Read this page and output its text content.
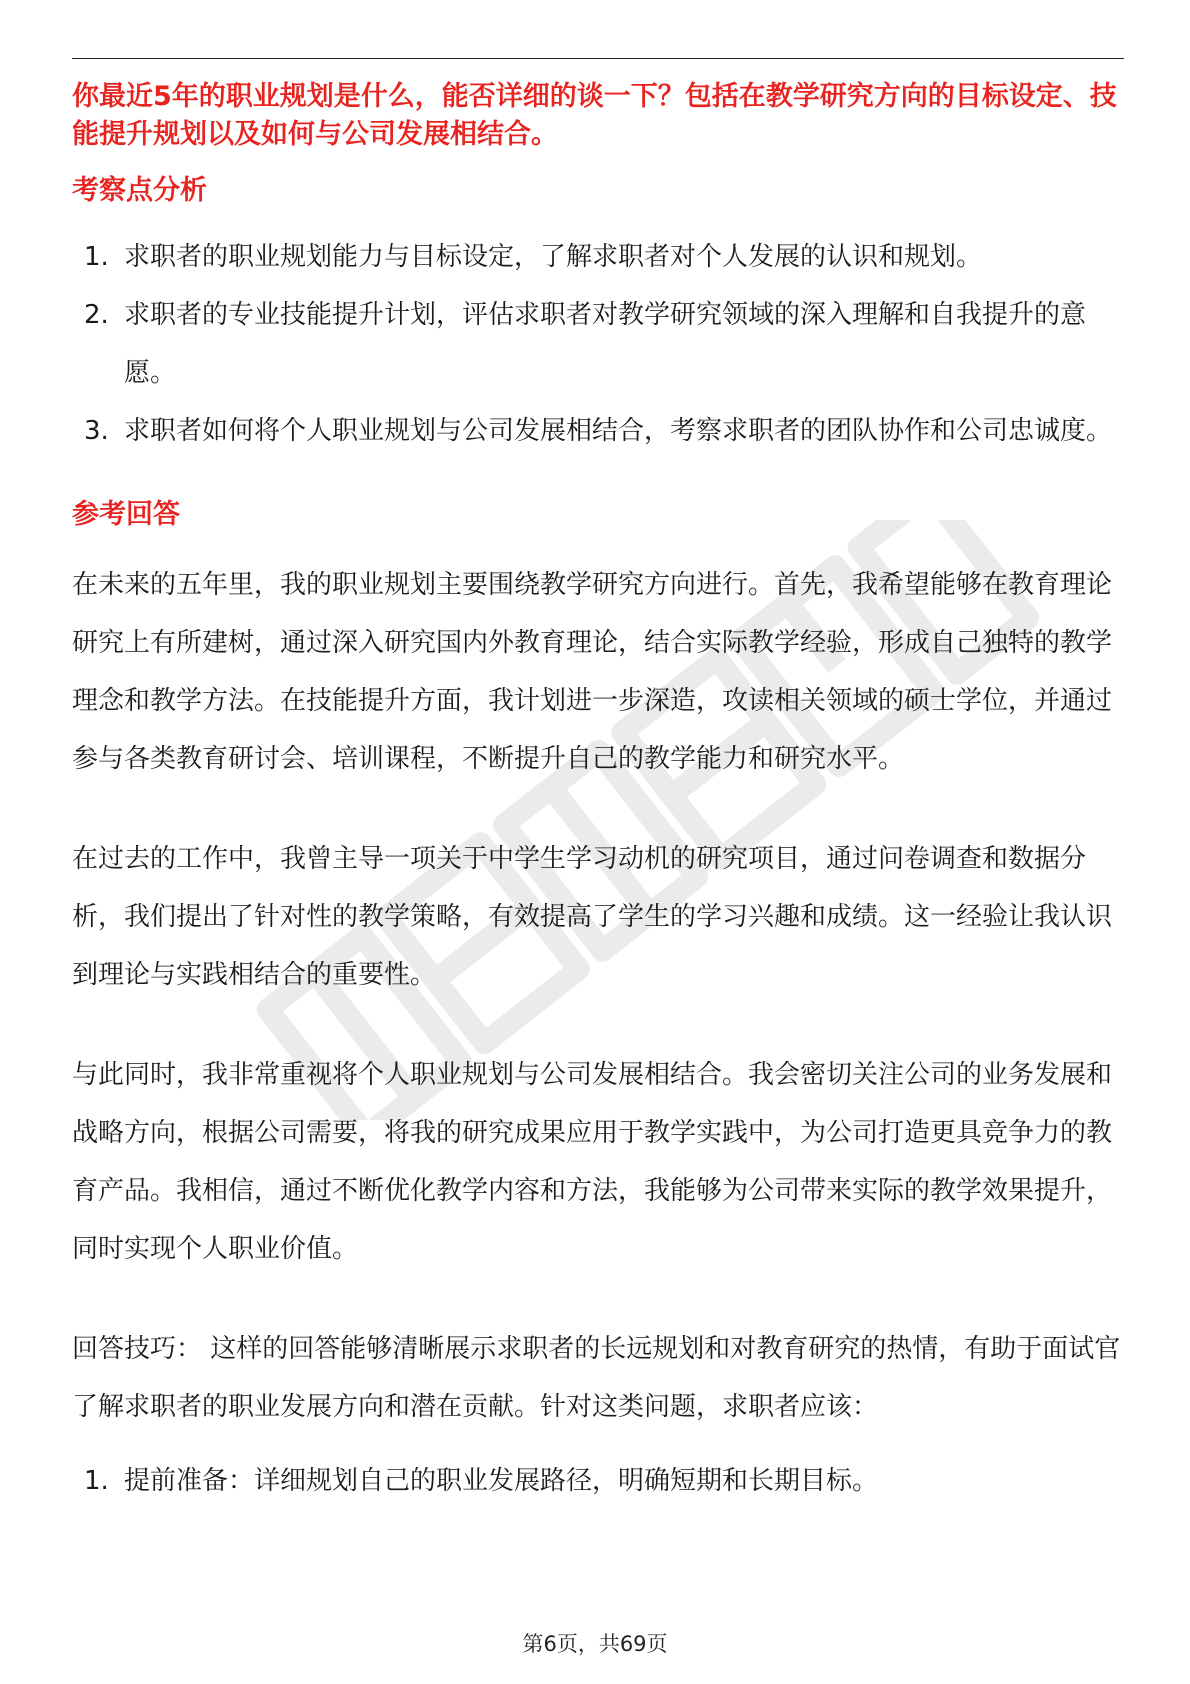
你最近5年的职业规划是什么，能否详细的谈一下？包括在教学研究方向的目标设定、技能提升规划以及如何与公司发展相结合。

考察点分析

1. 求职者的职业规划能力与目标设定，了解求职者对个人发展的认识和规划。
2. 求职者的专业技能提升计划，评估求职者对教学研究领域的深入理解和自我提升的意愿。
3. 求职者如何将个人职业规划与公司发展相结合，考察求职者的团队协作和公司忠诚度。

参考回答

在未来的五年里，我的职业规划主要围绕教学研究方向进行。首先，我希望能够在教育理论研究上有所建树，通过深入研究国内外教育理论，结合实际教学经验，形成自己独特的教学理念和教学方法。在技能提升方面，我计划进一步深造，攻读相关领域的硕士学位，并通过参与各类教育研讨会、培训课程，不断提升自己的教学能力和研究水平。

在过去的工作中，我曾主导一项关于中学生学习动机的研究项目，通过问卷调查和数据分析，我们提出了针对性的教学策略，有效提高了学生的学习兴趣和成绩。这一经验让我认识到理论与实践相结合的重要性。

与此同时，我非常重视将个人职业规划与公司发展相结合。我会密切关注公司的业务发展和战略方向，根据公司需要，将我的研究成果应用于教学实践中，为公司打造更具竞争力的教育产品。我相信，通过不断优化教学内容和方法，我能够为公司带来实际的教学效果提升，同时实现个人职业价值。

回答技巧： 这样的回答能够清晰展示求职者的长远规划和对教育研究的热情，有助于面试官了解求职者的职业发展方向和潜在贡献。针对这类问题，求职者应该：

1. 提前准备：详细规划自己的职业发展路径，明确短期和长期目标。
第6页，共69页
